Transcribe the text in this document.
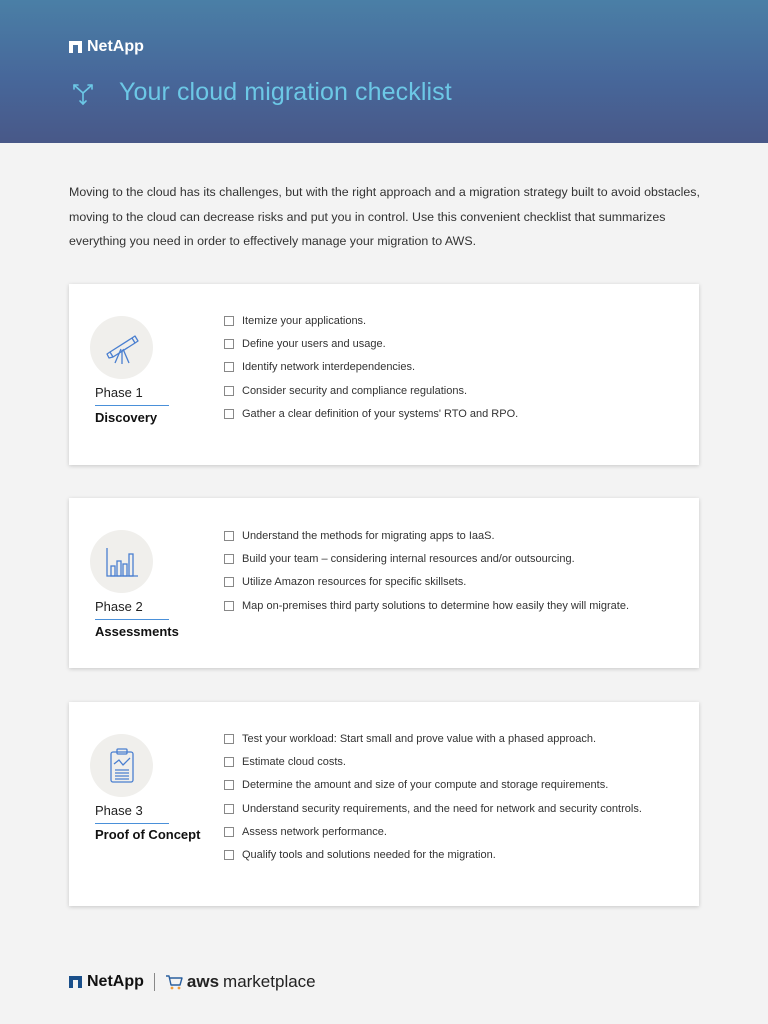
NetApp
Your cloud migration checklist

Moving to the cloud has its challenges, but with the right approach and a migration strategy built to avoid obstacles, moving to the cloud can decrease risks and put you in control. Use this convenient checklist that summarizes everything you need in order to effectively manage your migration to AWS.

Phase 1
Discovery
Itemize your applications.
Define your users and usage.
Identify network interdependencies.
Consider security and compliance regulations.
Gather a clear definition of your systems' RTO and RPO.
Phase 2
Assessments
Understand the methods for migrating apps to IaaS.
Build your team – considering internal resources and/or outsourcing.
Utilize Amazon resources for specific skillsets.
Map on-premises third party solutions to determine how easily they will migrate.
Phase 3
Proof of Concept
Test your workload: Start small and prove value with a phased approach.
Estimate cloud costs.
Determine the amount and size of your compute and storage requirements.
Understand security requirements, and the need for network and security controls.
Assess network performance.
Qualify tools and solutions needed for the migration.
NetApp	aws marketplace
